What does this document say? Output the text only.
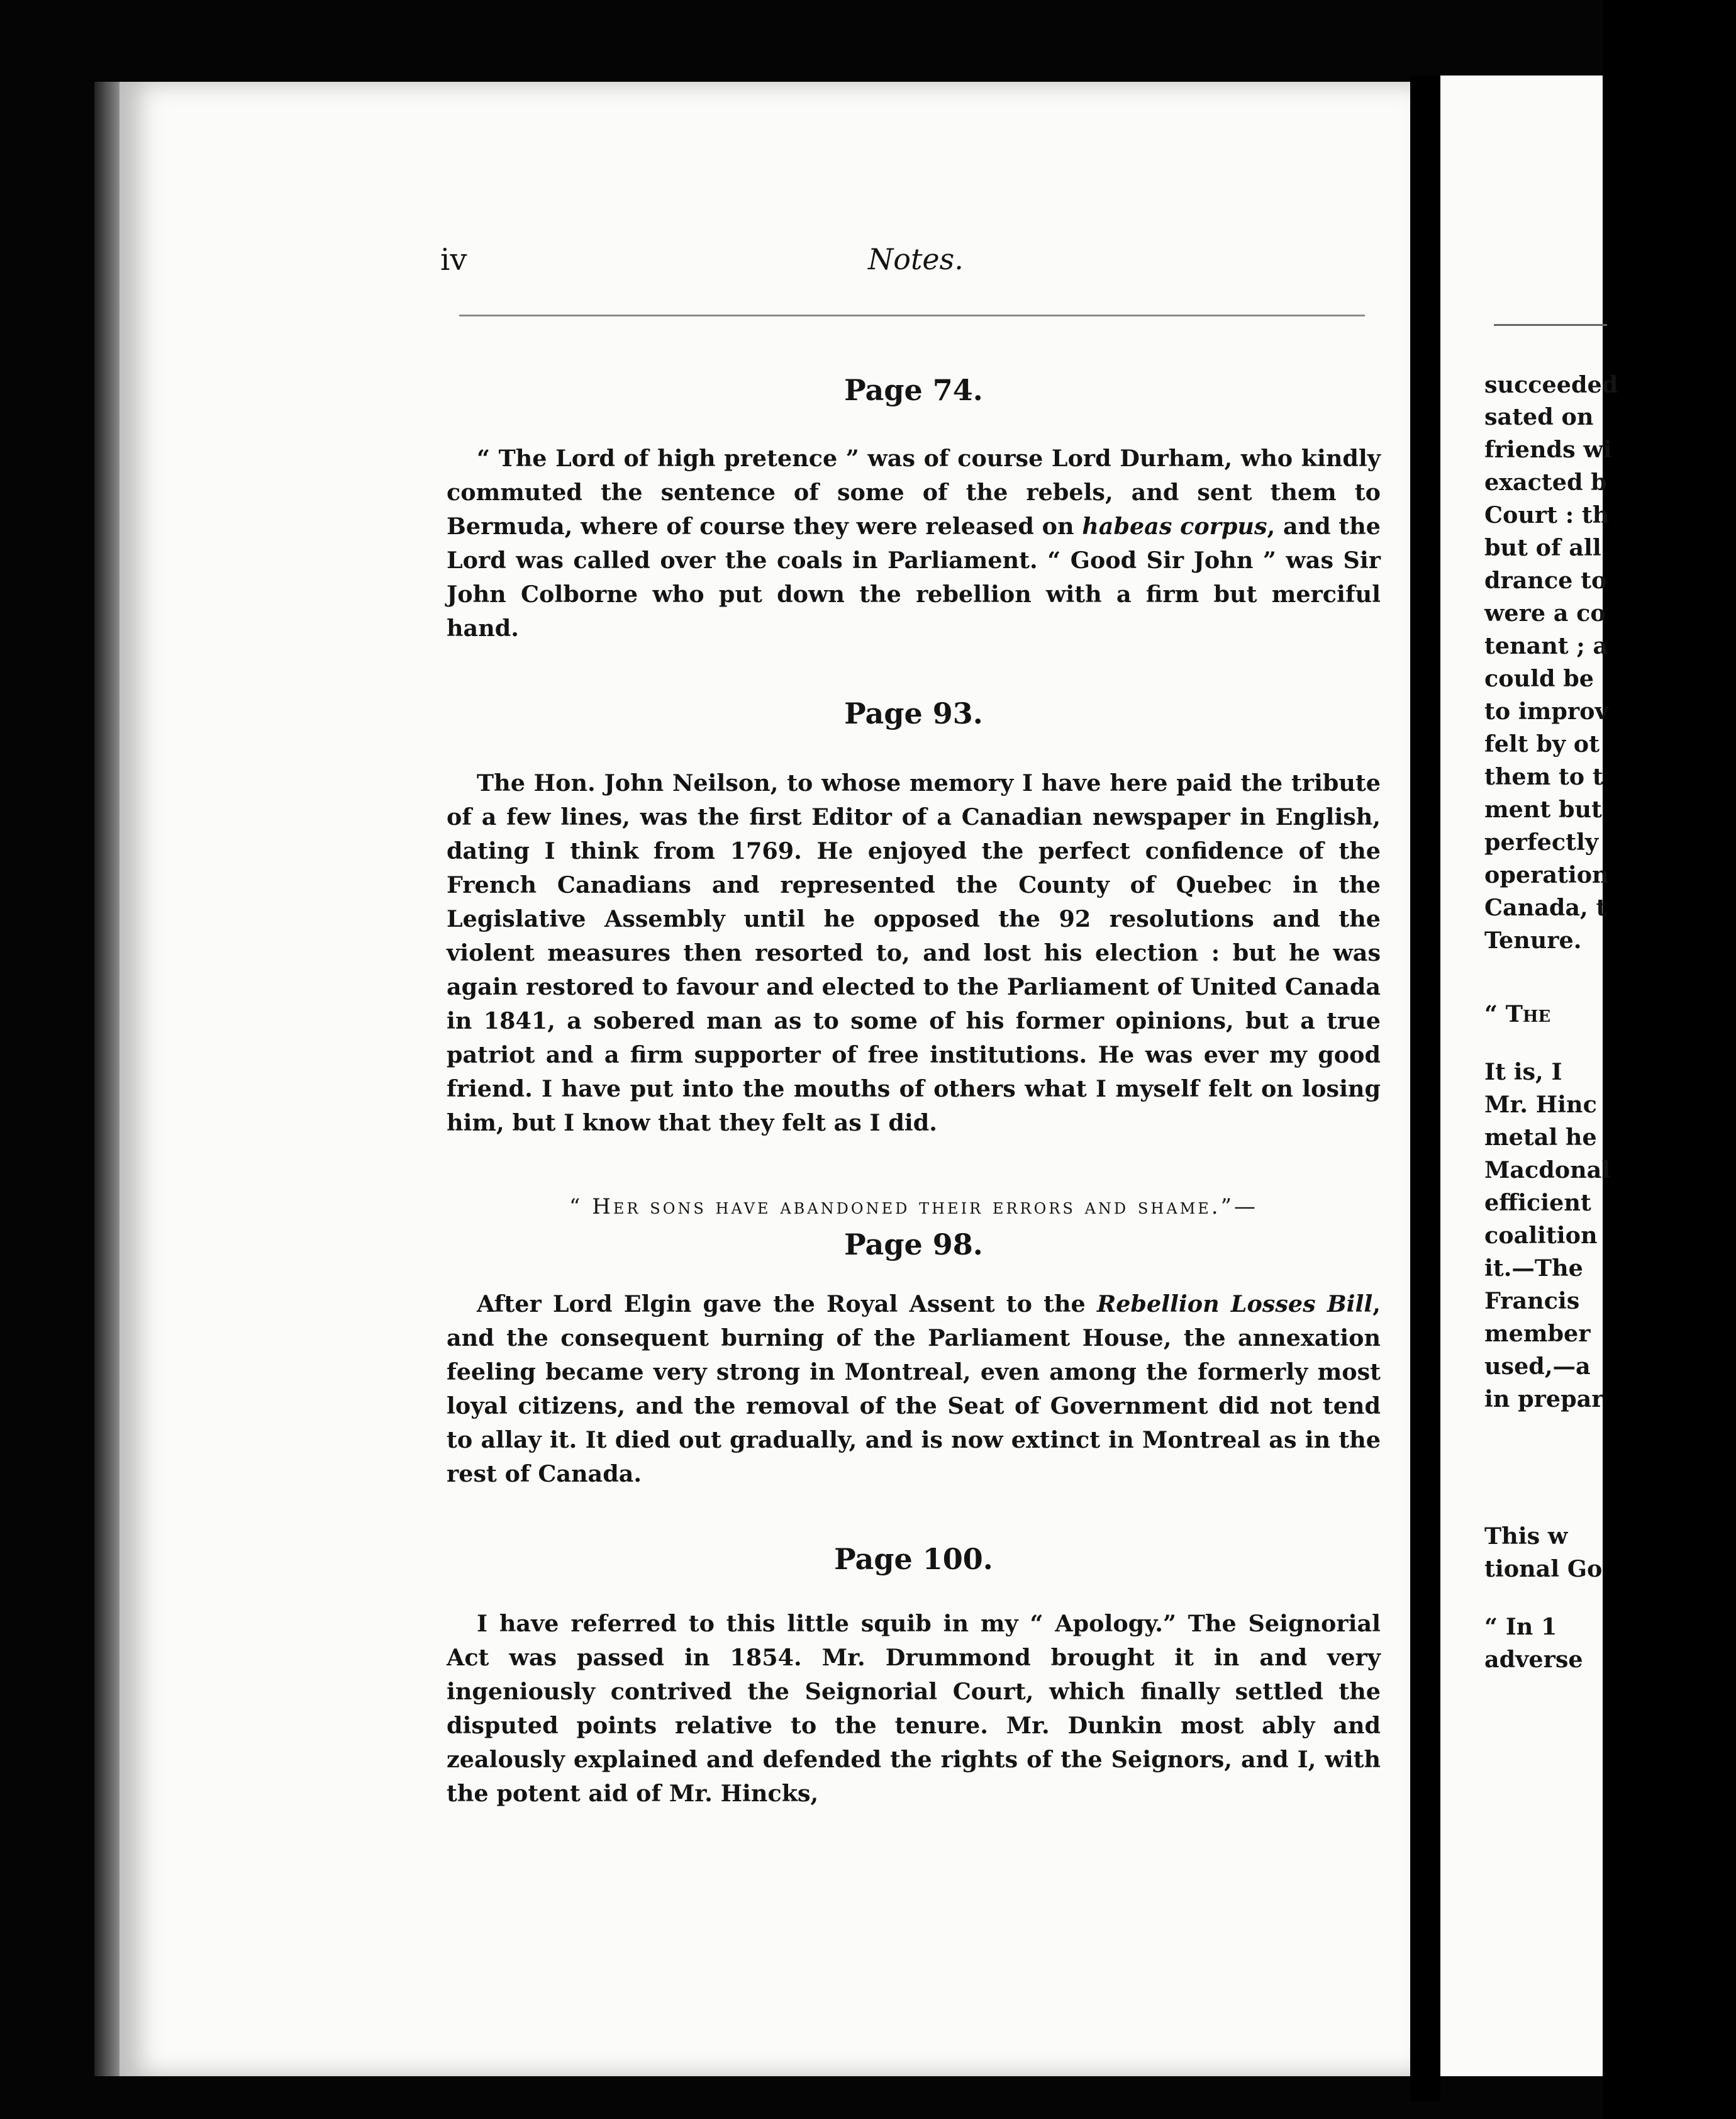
iv	Notes.
Page 74.

“ The Lord of high pretence ” was of course Lord Durham, who kindly commuted the sentence of some of the rebels, and sent them to Bermuda, where of course they were released on habeas corpus, and the Lord was called over the coals in Parliament. “ Good Sir John ” was Sir John Colborne who put down the rebellion with a firm but merciful hand.

Page 93.

The Hon. John Neilson, to whose memory I have here paid the tribute of a few lines, was the first Editor of a Canadian newspaper in English, dating I think from 1769. He enjoyed the perfect confidence of the French Canadians and represented the County of Quebec in the Legislative Assembly until he opposed the 92 resolutions and the violent measures then resorted to, and lost his election : but he was again restored to favour and elected to the Parliament of United Canada in 1841, a sobered man as to some of his former opinions, but a true patriot and a firm supporter of free institutions. He was ever my good friend. I have put into the mouths of others what I myself felt on losing him, but I know that they felt as I did.

“ Her sons have abandoned their errors and shame.”—

Page 98.

After Lord Elgin gave the Royal Assent to the Rebellion Losses Bill, and the consequent burning of the Parliament House, the annexation feeling became very strong in Montreal, even among the formerly most loyal citizens, and the removal of the Seat of Government did not tend to allay it. It died out gradually, and is now extinct in Montreal as in the rest of Canada.

Page 100.

I have referred to this little squib in my “ Apology.” The Seignorial Act was passed in 1854. Mr. Drummond brought it in and very ingeniously contrived the Seignorial Court, which finally settled the disputed points relative to the tenure. Mr. Dunkin most ably and zealously explained and defended the rights of the Seignors, and I, with the potent aid of Mr. Hincks,

succeeded
sated on
friends wi
exacted b
Court : th
but of all
drance to
were a co
tenant ; a
could be
to improv
felt by ot
them to t
ment but
perfectly
operation
Canada, t
Tenure.
“ The
It is, I
Mr. Hinc
metal he
Macdonal
efficient
coalition
it.—The
Francis
member
used,—a
in prepar
This w
tional Go
“ In 1
adverse
